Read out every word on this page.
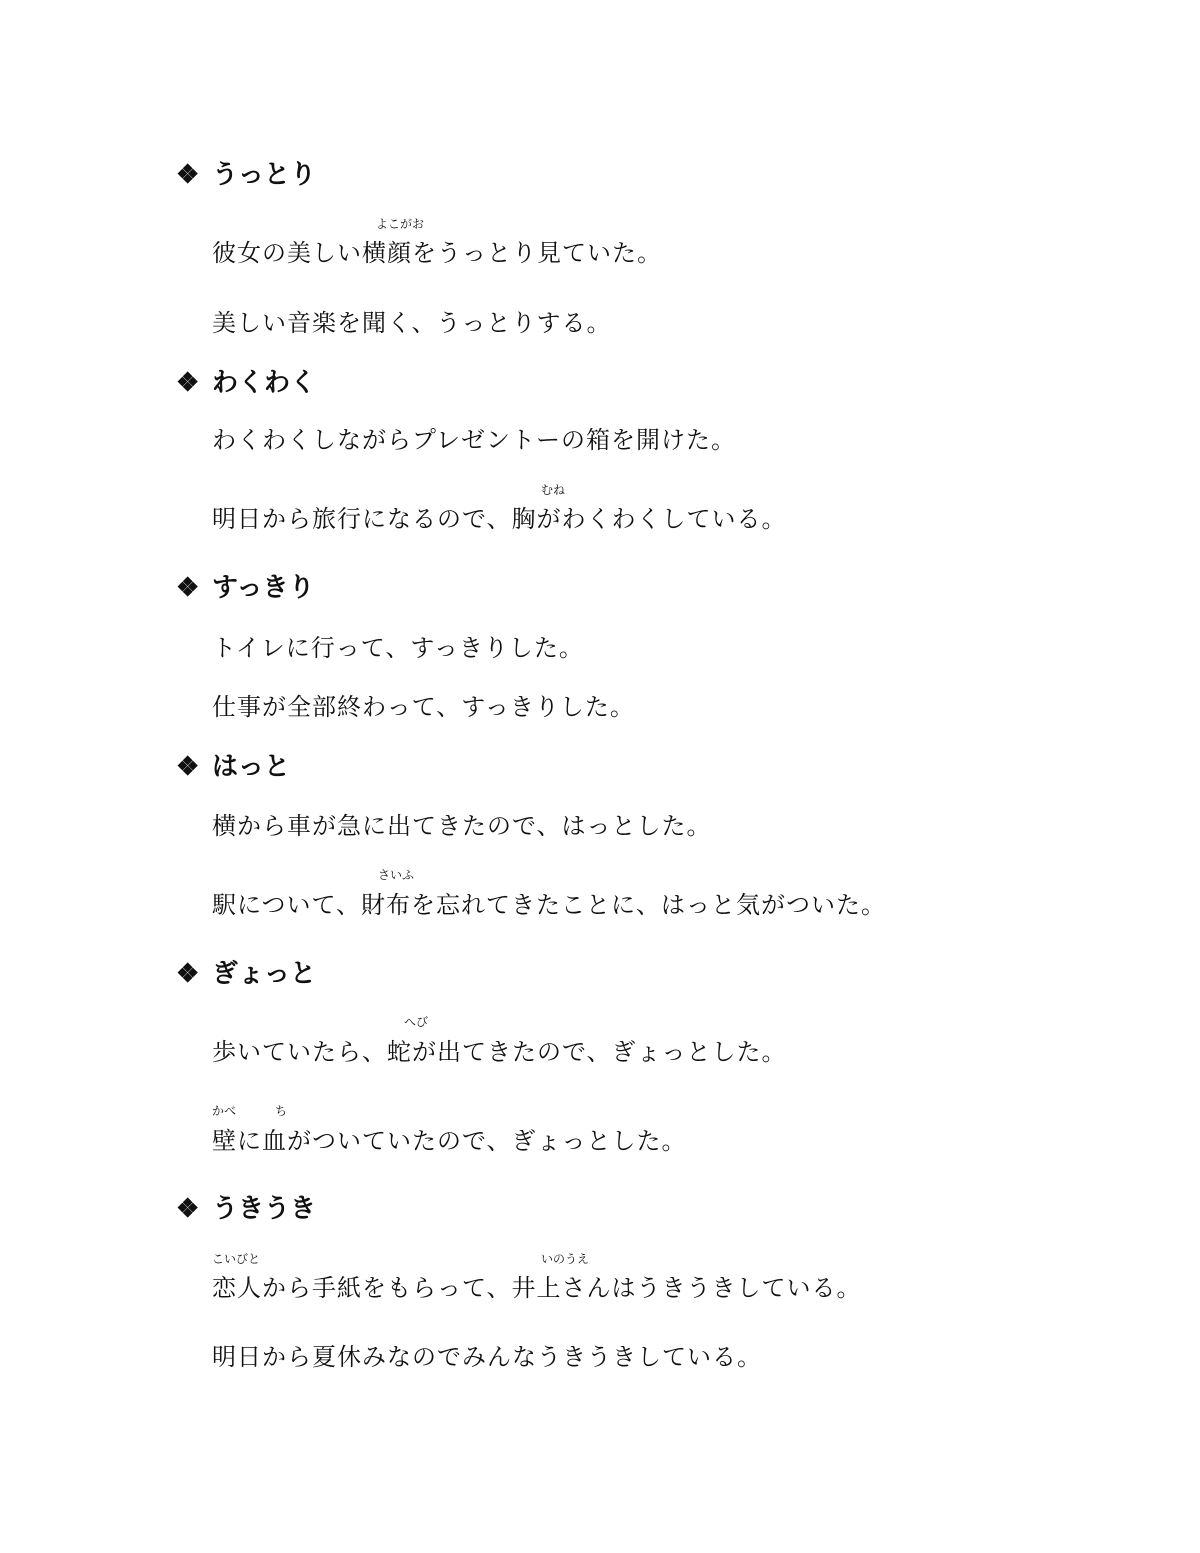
❖ うっとり
よこがお
彼女の美しい横顔をうっとり見ていた。
美しい音楽を聞く、うっとりする。
❖ わくわく
わくわくしながらプレゼントーの箱を開けた。
むね
明日から旅行になるので、胸がわくわくしている。
❖ すっきり
トイレに行って、すっきりした。
仕事が全部終わって、すっきりした。
❖ はっと
横から車が急に出てきたので、はっとした。
さいふ
駅について、財布を忘れてきたことに、はっと気がついた。
❖ ぎょっと
へび
歩いていたら、蛇が出てきたので、ぎょっとした。
かべ	ち
壁に血がついていたので、ぎょっとした。
❖ うきうき
こいびと	いのうえ
恋人から手紙をもらって、井上さんはうきうきしている。
明日から夏休みなのでみんなうきうきしている。
